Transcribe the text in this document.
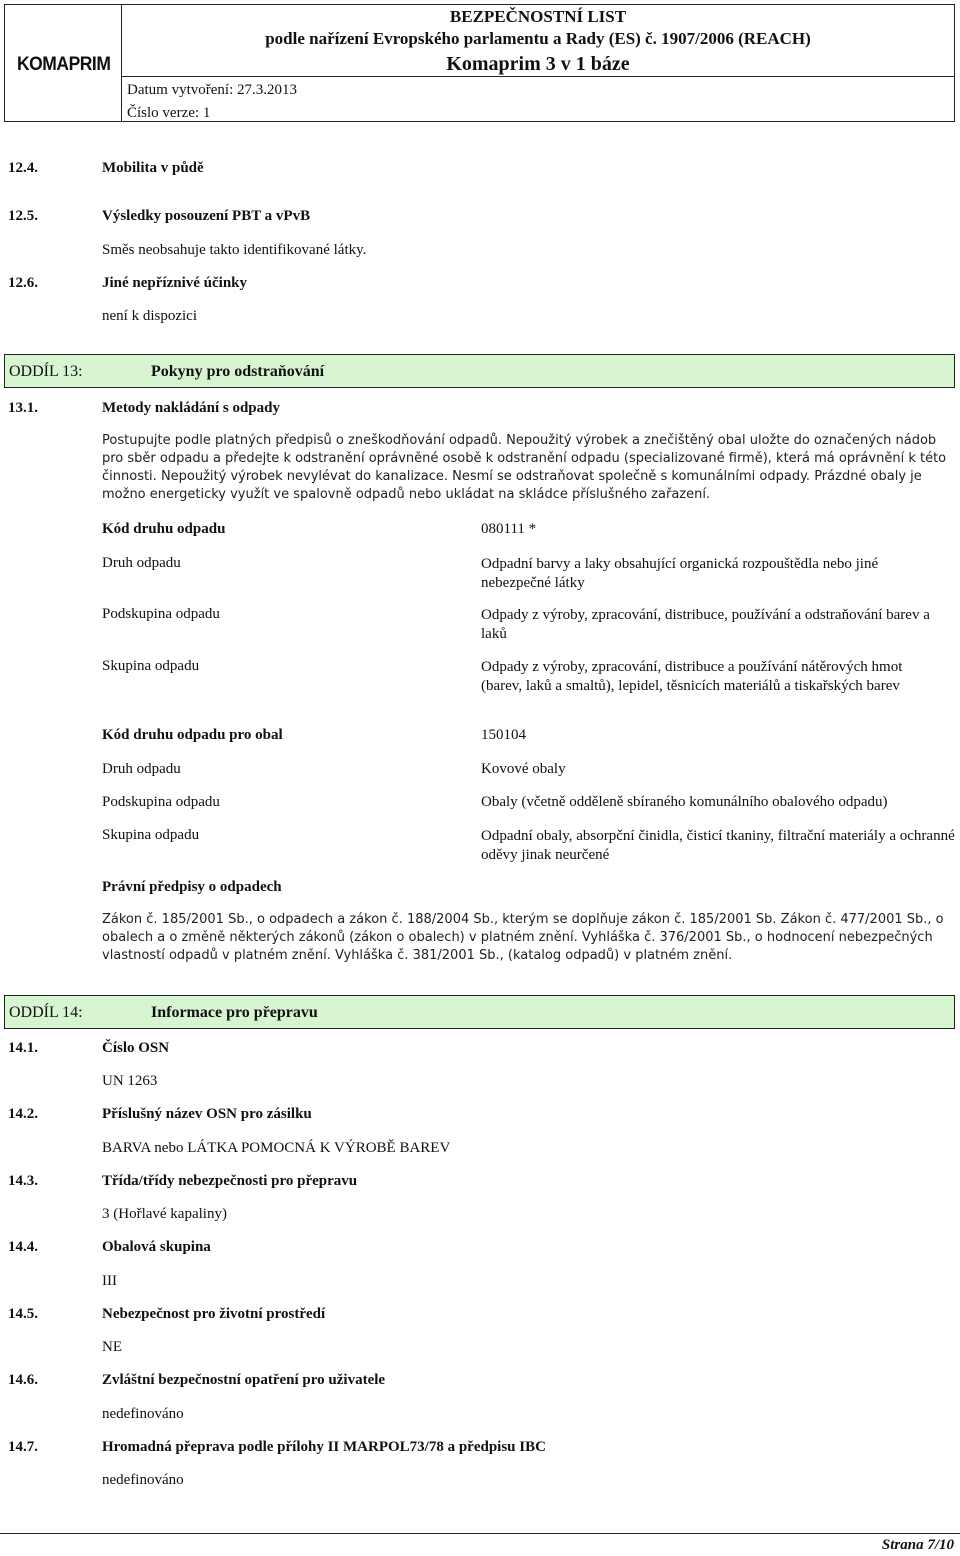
KOMAPRIM
BEZPEČNOSTNÍ LIST
podle nařízení Evropského parlamentu a Rady (ES) č. 1907/2006 (REACH)
Komaprim 3 v 1 báze
Datum vytvoření: 27.3.2013
Číslo verze: 1
12.4.	Mobilita v půdě
12.5.	Výsledky posouzení PBT a vPvB
Směs neobsahuje takto identifikované látky.
12.6.	Jiné nepříznivé účinky
není k dispozici
ODDÍL 13:	Pokyny pro odstraňování
13.1.	Metody nakládání s odpady
Postupujte podle platných předpisů o zneškodňování odpadů. Nepoužitý výrobek a znečištěný obal uložte do označených nádob pro sběr odpadu a předejte k odstranění oprávněné osobě k odstranění odpadu (specializované firmě), která má oprávnění k této činnosti. Nepoužitý výrobek nevylévat do kanalizace. Nesmí se odstraňovat společně s komunálními odpady. Prázdné obaly je možno energeticky využít ve spalovně odpadů nebo ukládat na skládce příslušného zařazení.
Kód druhu odpadu	080111 *
Druh odpadu	Odpadní barvy a laky obsahující organická rozpouštědla nebo jiné nebezpečné látky
Podskupina odpadu	Odpady z výroby, zpracování, distribuce, používání a odstraňování barev a laků
Skupina odpadu	Odpady z výroby, zpracování, distribuce a používání nátěrových hmot (barev, laků a smaltů), lepidel, těsnicích materiálů a tiskařských barev
Kód druhu odpadu pro obal	150104
Druh odpadu	Kovové obaly
Podskupina odpadu	Obaly (včetně odděleně sbíraného komunálního obalového odpadu)
Skupina odpadu	Odpadní obaly, absorpční činidla, čisticí tkaniny, filtrační materiály a ochranné oděvy jinak neurčené
Právní předpisy o odpadech
Zákon č. 185/2001 Sb., o odpadech a zákon č. 188/2004 Sb., kterým se doplňuje zákon č. 185/2001 Sb. Zákon č. 477/2001 Sb., o obalech a o změně některých zákonů (zákon o obalech) v platném znění. Vyhláška č. 376/2001 Sb., o hodnocení nebezpečných vlastností odpadů v platném znění. Vyhláška č. 381/2001 Sb., (katalog odpadů) v platném znění.
ODDÍL 14:	Informace pro přepravu
14.1.	Číslo OSN
UN 1263
14.2.	Příslušný název OSN pro zásilku
BARVA nebo LÁTKA POMOCNÁ K VÝROBĚ BAREV
14.3.	Třída/třídy nebezpečnosti pro přepravu
3 (Hořlavé kapaliny)
14.4.	Obalová skupina
III
14.5.	Nebezpečnost pro životní prostředí
NE
14.6.	Zvláštní bezpečnostní opatření pro uživatele
nedefinováno
14.7.	Hromadná přeprava podle přílohy II MARPOL73/78 a předpisu IBC
nedefinováno
Strana 7/10
